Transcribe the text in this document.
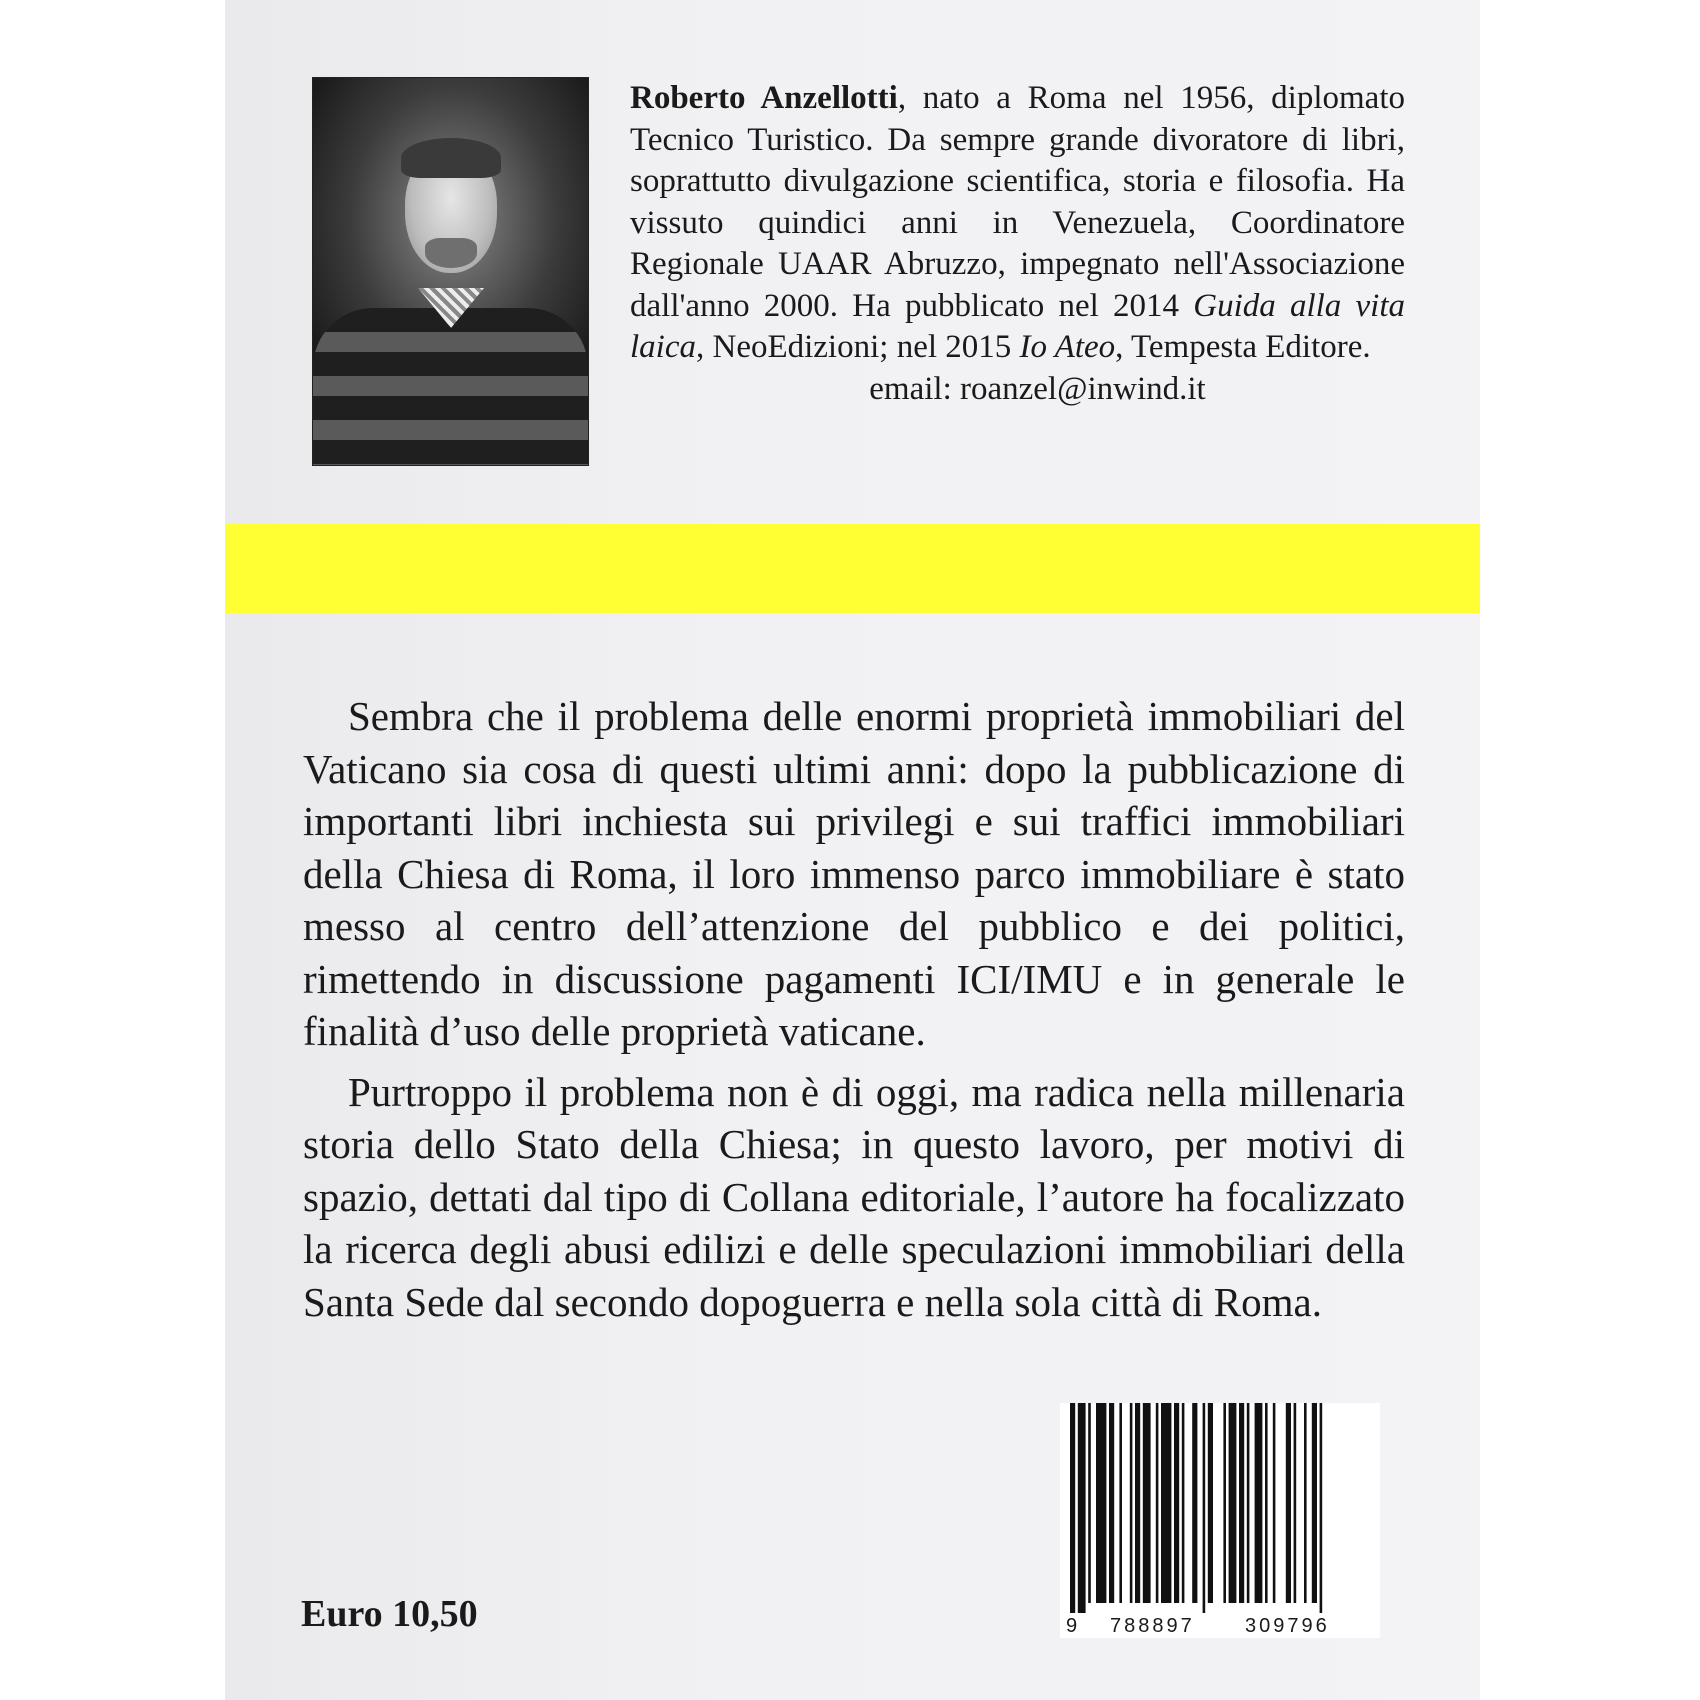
Roberto Anzellotti, nato a Roma nel 1956, diplomato Tecnico Turistico. Da sempre grande divoratore di libri, soprattutto divulgazione scientifica, storia e filosofia. Ha vissuto quindici anni in Venezuela, Coordinatore Regionale UAAR Abruzzo, impegnato nell'Associazione dall'anno 2000. Ha pubblicato nel 2014 Guida alla vita laica, NeoEdizioni; nel 2015 Io Ateo, Tempesta Editore.
email: roanzel@inwind.it

Sembra che il problema delle enormi proprietà immobiliari del Vaticano sia cosa di questi ultimi anni: dopo la pubblicazione di importanti libri inchiesta sui privilegi e sui traffici immobiliari della Chiesa di Roma, il loro immenso parco immobiliare è stato messo al centro dell’attenzione del pubblico e dei politici, rimettendo in discussione pagamenti ICI/IMU e in generale le finalità d’uso delle proprietà vaticane.

Purtroppo il problema non è di oggi, ma radica nella millenaria storia dello Stato della Chiesa; in questo lavoro, per motivi di spazio, dettati dal tipo di Collana editoriale, l’autore ha focalizzato la ricerca degli abusi edilizi e delle speculazioni immobiliari della Santa Sede dal secondo dopoguerra e nella sola città di Roma.

Euro 10,50	9 788897	309796
